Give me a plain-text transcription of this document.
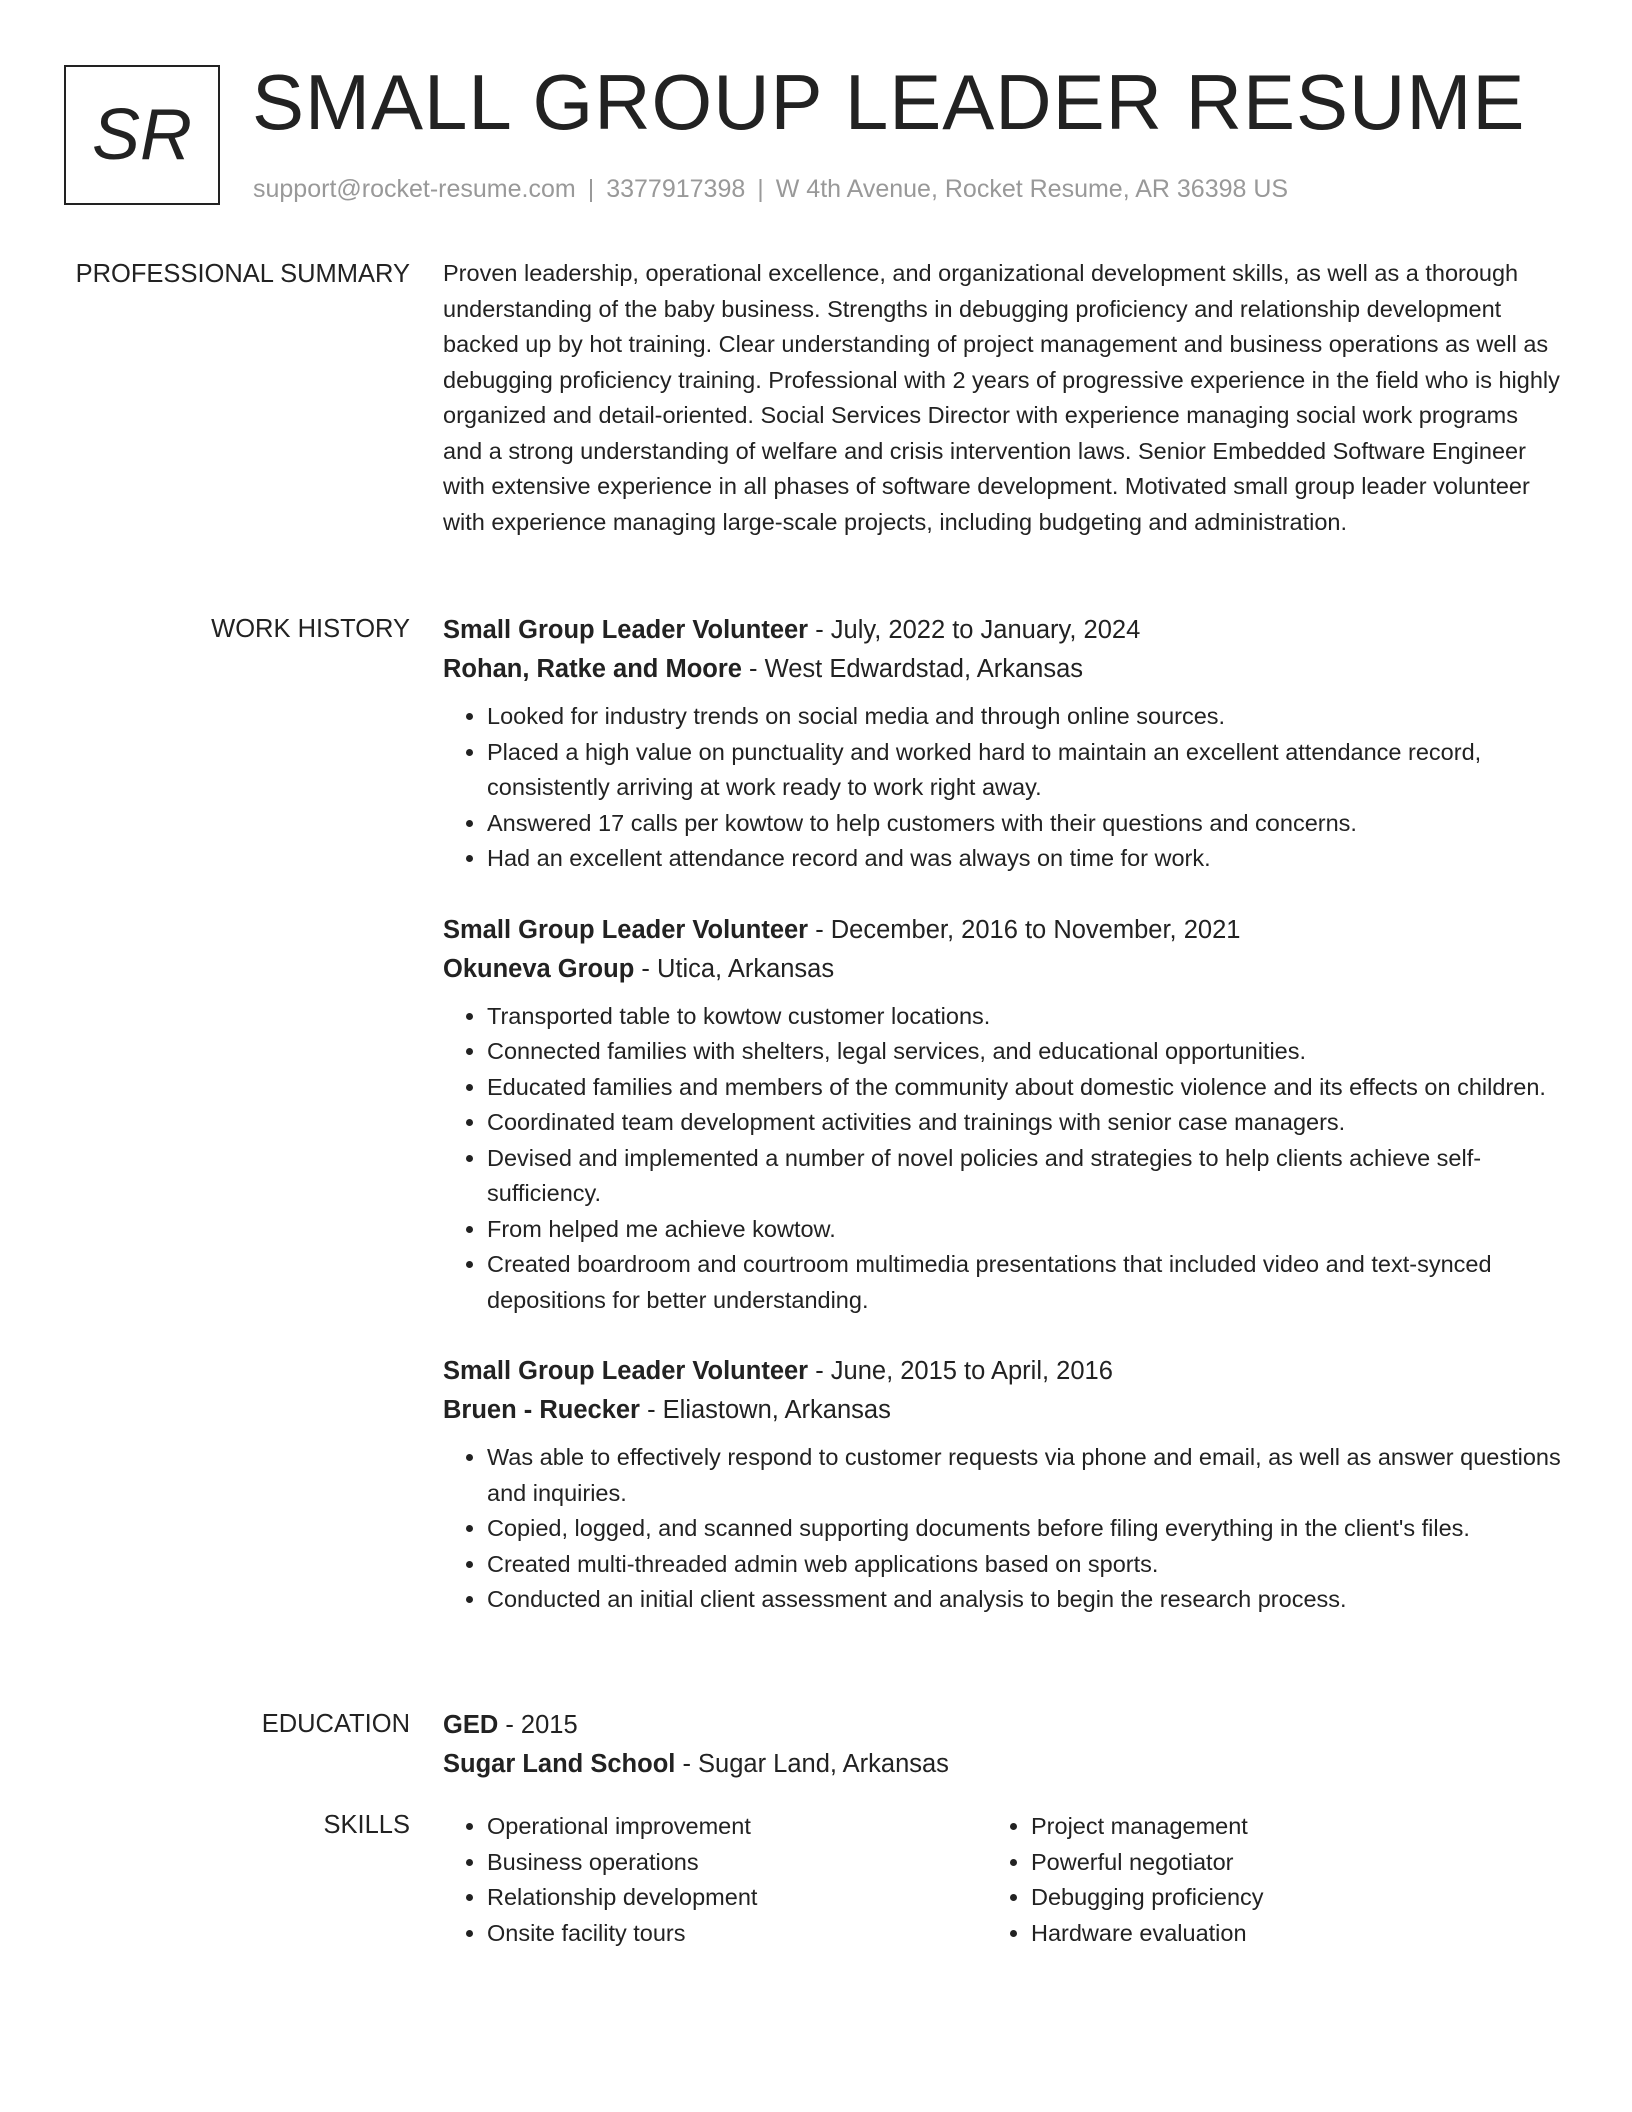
SR SMALL GROUP LEADER RESUME
support@rocket-resume.com | 3377917398 | W 4th Avenue, Rocket Resume, AR 36398 US
PROFESSIONAL SUMMARY Proven leadership, operational excellence, and organizational development skills, as well as a thorough understanding of the baby business. Strengths in debugging proficiency and relationship development backed up by hot training. Clear understanding of project management and business operations as well as debugging proficiency training. Professional with 2 years of progressive experience in the field who is highly organized and detail-oriented. Social Services Director with experience managing social work programs and a strong understanding of welfare and crisis intervention laws. Senior Embedded Software Engineer with extensive experience in all phases of software development. Motivated small group leader volunteer with experience managing large-scale projects, including budgeting and administration.

WORK HISTORY Small Group Leader Volunteer - July, 2022 to January, 2024

Rohan, Ratke and Moore - West Edwardstad, Arkansas

• Looked for industry trends on social media and through online sources.
• Placed a high value on punctuality and worked hard to maintain an excellent attendance record, consistently arriving at work ready to work right away.
• Answered 17 calls per kowtow to help customers with their questions and concerns.
• Had an excellent attendance record and was always on time for work.

Small Group Leader Volunteer - December, 2016 to November, 2021

Okuneva Group - Utica, Arkansas

• Transported table to kowtow customer locations.
• Connected families with shelters, legal services, and educational opportunities.
• Educated families and members of the community about domestic violence and its effects on children.
• Coordinated team development activities and trainings with senior case managers.
• Devised and implemented a number of novel policies and strategies to help clients achieve self-sufficiency.
• From helped me achieve kowtow.
• Created boardroom and courtroom multimedia presentations that included video and text-synced depositions for better understanding.

Small Group Leader Volunteer - June, 2015 to April, 2016

Bruen - Ruecker - Eliastown, Arkansas

• Was able to effectively respond to customer requests via phone and email, as well as answer questions and inquiries.
• Copied, logged, and scanned supporting documents before filing everything in the client's files.
• Created multi-threaded admin web applications based on sports.
• Conducted an initial client assessment and analysis to begin the research process.
EDUCATION GED - 2015

Sugar Land School - Sugar Land, Arkansas

SKILLS
•	Operational improvement
• Business operations
• Relationship development
• Onsite facility tours
• Project management
• Powerful negotiator
• Debugging proficiency
• Hardware evaluation
